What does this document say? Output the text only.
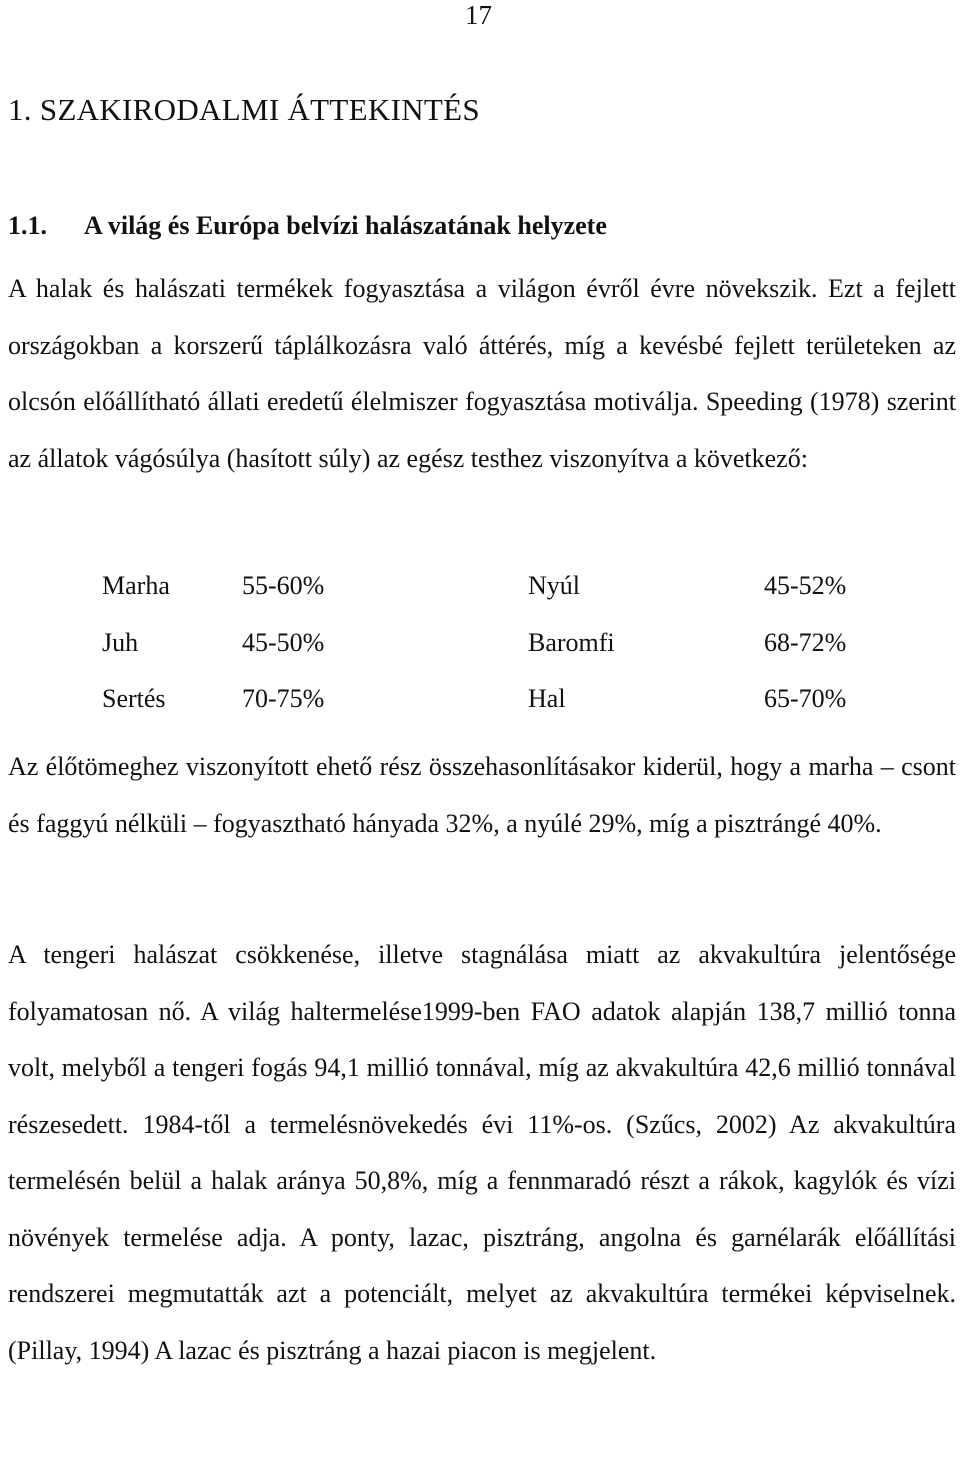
17
1. SZAKIRODALMI ÁTTEKINTÉS
1.1. A világ és Európa belvízi halászatának helyzete

A halak és halászati termékek fogyasztása a világon évről évre növekszik. Ezt a fejlett országokban a korszerű táplálkozásra való áttérés, míg a kevésbé fejlett területeken az olcsón előállítható állati eredetű élelmiszer fogyasztása motiválja. Speeding (1978) szerint az állatok vágósúlya (hasított súly) az egész testhez viszonyítva a következő:

Marha	55-60%	Nyúl	45-52%
Juh	45-50%	Baromfi	68-72%
Sertés	70-75%	Hal	65-70%

Az élőtömeghez viszonyított ehető rész összehasonlításakor kiderül, hogy a marha – csont és faggyú nélküli – fogyasztható hányada 32%, a nyúlé 29%, míg a pisztrángé 40%.

A tengeri halászat csökkenése, illetve stagnálása miatt az akvakultúra jelentősége folyamatosan nő. A világ haltermelése1999-ben FAO adatok alapján 138,7 millió tonna volt, melyből a tengeri fogás 94,1 millió tonnával, míg az akvakultúra 42,6 millió tonnával részesedett. 1984-től a termelésnövekedés évi 11%-os. (Szűcs, 2002) Az akvakultúra termelésén belül a halak aránya 50,8%, míg a fennmaradó részt a rákok, kagylók és vízi növények termelése adja. A ponty, lazac, pisztráng, angolna és garnélarák előállítási rendszerei megmutatták azt a potenciált, melyet az akvakultúra termékei képviselnek. (Pillay, 1994) A lazac és pisztráng a hazai piacon is megjelent.
